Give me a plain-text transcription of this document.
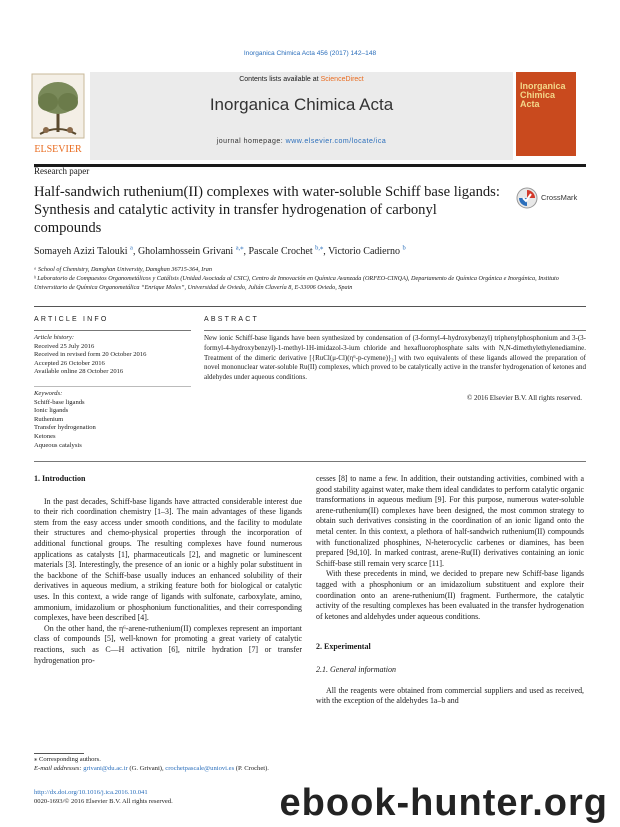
Inorganica Chimica Acta 456 (2017) 142–148
Contents lists available at ScienceDirect
Inorganica Chimica Acta
journal homepage: www.elsevier.com/locate/ica
ELSEVIER
Inorganica Chimica Acta
Research paper
Half-sandwich ruthenium(II) complexes with water-soluble Schiff base ligands: Synthesis and catalytic activity in transfer hydrogenation of carbonyl compounds
CrossMark
Somayeh Azizi Talouki $^a$, Gholamhossein Grivani $^{a,⁎}$, Pascale Crochet $^{b,⁎}$, Victorio Cadierno $^b$
ᵃ School of Chemistry, Damghan University, Damghan 36715-364, Iran
ᵇ Laboratorio de Compuestos Organometálicos y Catálisis (Unidad Asociada al CSIC), Centro de Innovación en Química Avanzada (ORFEO-CINQA), Departamento de Química Orgánica e Inorgánica, Instituto Universitario de Química Organometálica “Enrique Moles”, Universidad de Oviedo, Julián Clavería 8, E-33006 Oviedo, Spain
ARTICLE INFO
Article history:
Received 25 July 2016
Received in revised form 20 October 2016
Accepted 26 October 2016
Available online 28 October 2016
Keywords:
Schiff-base ligands
Ionic ligands
Ruthenium
Transfer hydrogenation
Ketones
Aqueous catalysis
ABSTRACT
New ionic Schiff-base ligands have been synthesized by condensation of (3-formyl-4-hydroxybenzyl) triphenylphosphonium and 3-(3-formyl-4-hydroxybenzyl)-1-methyl-1H-imidazol-3-ium chloride and hexafluorophosphate salts with N,N-dimethylethylenediamine. Treatment of the dimeric derivative [{RuCl(μ-Cl)(η⁶-p-cymene)}₂] with two equivalents of these ligands allowed the preparation of novel mononuclear water-soluble Ru(II) complexes, which proved to be catalytically active in the transfer hydrogenation of ketones and aldehydes under aqueous conditions.
© 2016 Elsevier B.V. All rights reserved.
1. Introduction

In the past decades, Schiff-base ligands have attracted considerable interest due to their rich coordination chemistry [1–3]. The main advantages of these ligands stem from the easy access under smooth conditions, and the facility to modulate their structures and chemo-physical properties through the incorporation of additional functional groups. The resulting complexes have found numerous applications as catalysts [1], pharmaceuticals [2], and magnetic or luminescent materials [3]. Interestingly, the presence of an ionic or a highly polar substituent in the backbone of the Schiff-base usually induces an enhanced solubility of their derivatives in aqueous medium, a striking feature both for biological or catalytic uses. In this context, a wide range of ligands with sulfonate, carboxylate, amino, ammonium, imidazolium or phosphonium functionalities, and their corresponding complexes, have been described [4].

On the other hand, the η⁶-arene-ruthenium(II) complexes represent an important class of compounds [5], well-known for promoting a great variety of catalytic reactions, such as C—H activation [6], nitrile hydration [7] or transfer hydrogenation pro-

cesses [8] to name a few. In addition, their outstanding activities, combined with a good stability against water, make them ideal candidates to perform catalytic organic transformations in aqueous medium [9]. For this purpose, numerous water-soluble arene-ruthenium(II) complexes have been designed, the most common strategy to obtain such derivatives consisting in the coordination of an ionic ligand onto the metal center. In this context, a plethora of half-sandwich ruthenium(II) compounds with functionalized phosphines, N-heterocyclic carbenes or diamines, has been prepared [9d,10]. In marked contrast, arene-Ru(II) derivatives containing an ionic Schiff-base still remain very scarce [11].

With these precedents in mind, we decided to prepare new Schiff-base ligands tagged with a phosphonium or an imidazolium substituent and explore their coordination onto an arene-ruthenium(II) fragment. Furthermore, the catalytic activity of the resulting complexes has been evaluated in the transfer hydrogenation of ketones and aldehydes under aqueous conditions.

2. Experimental
2.1. General information

All the reagents were obtained from commercial suppliers and used as received, with the exception of the aldehydes 1a–b and

⁎ Corresponding authors.
E-mail addresses: grivani@du.ac.ir (G. Grivani), crochetpascale@uniovi.es (P. Crochet).
http://dx.doi.org/10.1016/j.ica.2016.10.041
0020-1693/© 2016 Elsevier B.V. All rights reserved.	ebook-hunter.org
